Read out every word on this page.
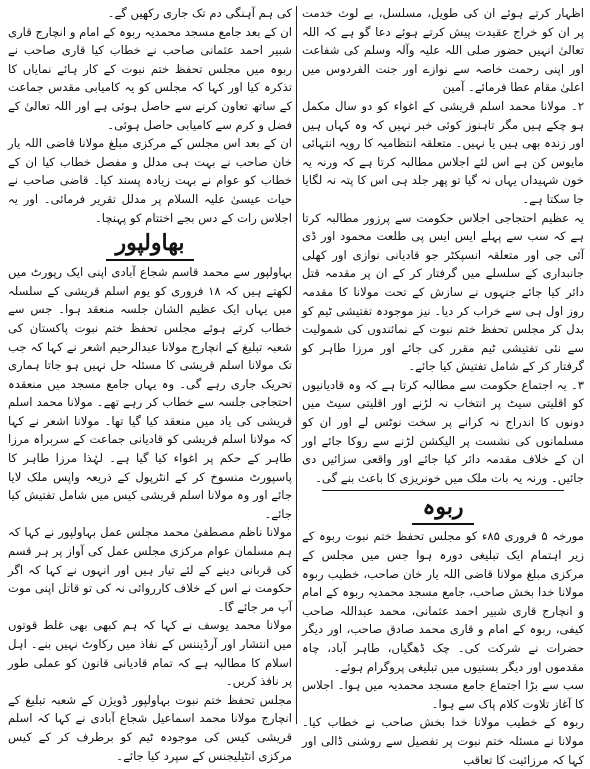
اظہار کرتے ہوئے ان کی طویل، مسلسل، بے لوث خدمت پر ان کو خراج عقیدت پیش کرتے ہوئے دعا گو ہے کہ اللہ تعالیٰ انہیں حضور صلی اللہ علیہ وآلہ وسلم کی شفاعت اور اپنی رحمت خاصہ سے نوازے اور جنت الفردوس میں اعلیٰ مقام عطا فرمائے۔ آمین

۲۔ مولانا محمد اسلم قریشی کے اغواء کو دو سال مکمل ہو چکے ہیں مگر تاہنوز کوئی خبر نہیں کہ وہ کہاں ہیں اور زندہ بھی ہیں یا نہیں۔ متعلقہ انتظامیہ کا رویہ انتہائی مایوس کن ہے اس لئے اجلاس مطالبہ کرتا ہے کہ ورنہ یہ خون شہیداں یہاں نہ گیا تو پھر جلد ہی اس کا پتہ نہ لگایا جا سکتا ہے۔

یہ عظیم احتجاجی اجلاس حکومت سے پرزور مطالبہ کرتا ہے کہ سب سے پہلے ایس ایس پی طلعت محمود اور ڈی آئی جی اور متعلقہ انسپکٹر جو قادیانی نوازی اور کھلی جانبداری کے سلسلے میں گرفتار کر کے ان پر مقدمہ قتل دائر کیا جائے جنہوں نے سازش کے تحت مولانا کا مقدمہ روز اول ہی سے خراب کر دیا۔ نیز موجودہ تفتیشی ٹیم کو بدل کر مجلس تحفظ ختم نبوت کے نمائندوں کی شمولیت سے نئی تفتیشی ٹیم مقرر کی جائے اور مرزا طاہر کو گرفتار کر کے شامل تفتیش کیا جائے۔

۳۔ یہ اجتماع حکومت سے مطالبہ کرتا ہے کہ وہ قادیانیوں کو اقلیتی سیٹ پر انتخاب نہ لڑنے اور اقلیتی سیٹ میں دونوں کا اندراج نہ کرانے پر سخت نوٹس لے اور ان کو مسلمانوں کی نشست پر الیکشن لڑنے سے روکا جائے اور ان کے خلاف مقدمہ دائر کیا جائے اور واقعی سزائیں دی جائیں۔ ورنہ یہ بات ملک میں خونریزی کا باعث بنے گی۔

ربوہ

مورخہ ۵ فروری ۸۵ء کو مجلس تحفظ ختم نبوت ربوہ کے زیر اہتمام ایک تبلیغی دورہ ہوا جس میں مجلس کے مرکزی مبلغ مولانا قاضی اللہ یار خان صاحب، خطیب ربوہ مولانا خدا بخش صاحب، جامع مسجد محمدیہ ربوہ کے امام و انچارج قاری شبیر احمد عثمانی، محمد عبداللہ صاحب کیفی، ربوہ کے امام و قاری محمد صادق صاحب، اور دیگر حضرات نے شرکت کی۔ چک ڈھگیاں، طاہر آباد، چاہ مقدموں اور دیگر بستیوں میں تبلیغی پروگرام ہوئے۔

سب سے بڑا اجتماع جامع مسجد محمدیہ میں ہوا۔ اجلاس کا آغاز تلاوت کلام پاک سے ہوا۔

ربوہ کے خطیب مولانا خدا بخش صاحب نے خطاب کیا۔ مولانا نے مسئلہ ختم نبوت پر تفصیل سے روشنی ڈالی اور کہا کہ مرزائیت کا تعاقب

کی ہم آہنگی دم تک جاری رکھیں گے۔

ان کے بعد جامع مسجد محمدیہ ربوہ کے امام و انچارج قاری شبیر احمد عثمانی صاحب نے خطاب کیا قاری صاحب نے ربوہ میں مجلس تحفظ ختم نبوت کے کار ہائے نمایاں کا تذکرہ کیا اور کہا کہ مجلس کو یہ کامیابی مقدس جماعت کے ساتھ تعاون کرنے سے حاصل ہوئی ہے اور اللہ تعالیٰ کے فضل و کرم سے کامیابی حاصل ہوئی۔

ان کے بعد اس مجلس کے مرکزی مبلغ مولانا قاضی اللہ یار خان صاحب نے بہت ہی مدلل و مفصل خطاب کیا ان کے خطاب کو عوام نے بہت زیادہ پسند کیا۔ قاضی صاحب نے حیات عیسیٰ علیہ السلام پر مدلل تقریر فرمائی۔ اور یہ اجلاس رات کے دس بجے اختتام کو پہنچا۔

بھاولپور

بہاولپور سے محمد قاسم شجاع آبادی اپنی ایک رپورٹ میں لکھتے ہیں کہ ۱۸ فروری کو یوم اسلم قریشی کے سلسلہ میں یہاں ایک عظیم الشان جلسہ منعقد ہوا۔ جس سے خطاب کرتے ہوئے مجلس تحفظ ختم نبوت پاکستان کی شعبہ تبلیغ کے انچارج مولانا عبدالرحیم اشعر نے کہا کہ جب تک مولانا اسلم قریشی کا مسئلہ حل نہیں ہو جاتا ہماری تحریک جاری رہے گی۔ وہ یہاں جامع مسجد میں منعقدہ احتجاجی جلسہ سے خطاب کر رہے تھے۔ مولانا محمد اسلم قریشی کی یاد میں منعقد کیا گیا تھا۔ مولانا اشعر نے کہا کہ مولانا اسلم قریشی کو قادیانی جماعت کے سربراہ مرزا طاہر کے حکم پر اغواء کیا گیا ہے۔ لہٰذا مرزا طاہر کا پاسپورٹ منسوخ کر کے انٹرپول کے ذریعہ واپس ملک لایا جائے اور وہ مولانا اسلم قریشی کیس میں شامل تفتیش کیا جائے۔

مولانا ناظم مصطفیٰ محمد مجلس عمل بہاولپور نے کہا کہ ہم مسلمان عوام مرکزی مجلس عمل کی آواز پر ہر قسم کی قربانی دینے کے لئے تیار ہیں اور انہوں نے کہا کہ اگر حکومت نے اس کے خلاف کارروائی نہ کی تو قاتل اپنی موت آپ مر جائے گا۔

مولانا محمد یوسف نے کہا کہ ہم کبھی بھی غلط قوتوں میں انتشار اور آرڈیننس کے نفاذ میں رکاوٹ نہیں بنے۔ اہل اسلام کا مطالبہ ہے کہ تمام قادیانی قانون کو عملی طور پر نافذ کریں۔

مجلس تحفظ ختم نبوت بہاولپور ڈویژن کے شعبہ تبلیغ کے انچارج مولانا محمد اسماعیل شجاع آبادی نے کہا کہ اسلم قریشی کیس کی موجودہ ٹیم کو برطرف کر کے کیس مرکزی انٹیلیجنس کے سپرد کیا جائے۔
